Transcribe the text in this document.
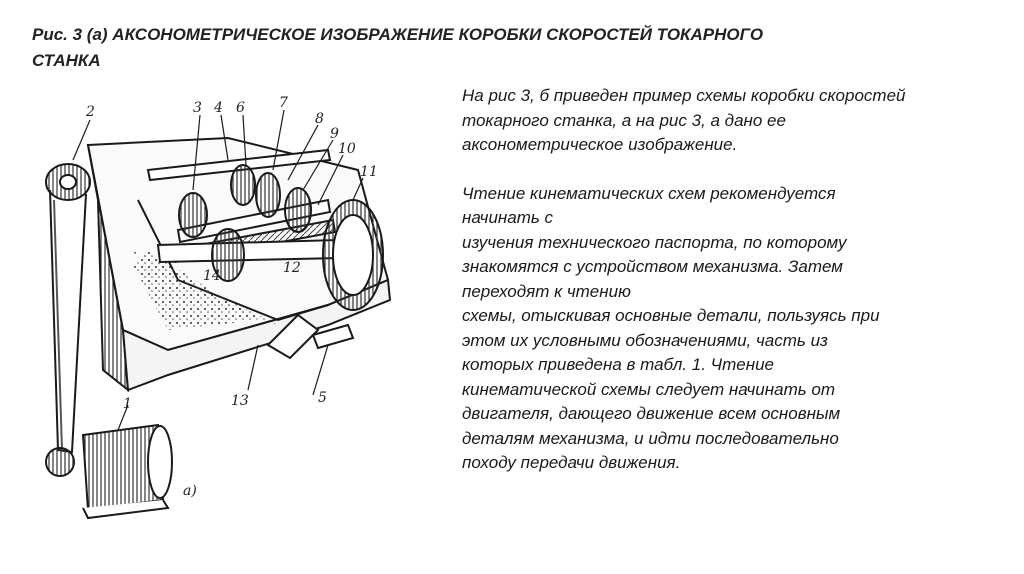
Рис. 3 (а) АКСОНОМЕТРИЧЕСКОЕ ИЗОБРАЖЕНИЕ КОРОБКИ СКОРОСТЕЙ ТОКАРНОГО
СТАНКА
1
2	3 4
5
6 7
8
9
10
11
12
13
14
а)
На рис 3, б приведен пример схемы коробки скоростей
токарного станка, а на рис 3, а дано ее
аксонометрическое изображение.
Чтение кинематических схем рекомендуется
начинать с
изучения технического паспорта, по которому
знакомятся с устройством механизма. Затем
переходят к чтению
схемы, отыскивая основные детали, пользуясь при
этом их условными обозначениями, часть из
которых приведена в табл. 1. Чтение
кинематической схемы следует начинать от
двигателя, дающего движение всем основным
деталям механизма, и идти последовательно
походу передачи движения.
